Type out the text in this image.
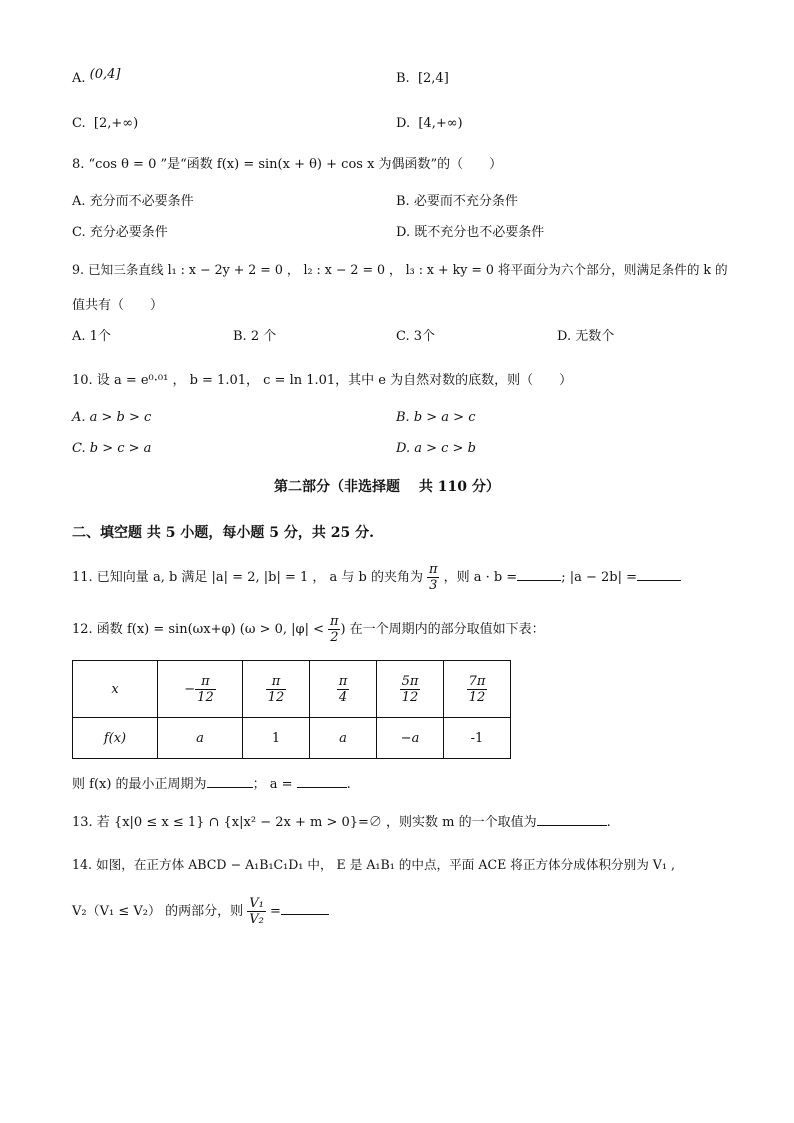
A. (0,4]	B. [2,4]
C. [2,+∞)	D. [4,+∞)
8. “cos θ = 0 ”是“函数 f(x) = sin(x + θ) + cos x 为偶函数”的（　　）
A. 充分而不必要条件	B. 必要而不充分条件
C. 充分必要条件	D. 既不充分也不必要条件
9. 已知三条直线 l₁ : x − 2y + 2 = 0 ， l₂ : x − 2 = 0 ， l₃ : x + ky = 0 将平面分为六个部分，则满足条件的 k 的
值共有（　　）
A. 1个	B. 2 个	C. 3个	D. 无数个
10. 设 a = e⁰·⁰¹ ， b = 1.01， c = ln 1.01，其中 e 为自然对数的底数，则（　　）
A. a > b > c	B. b > a > c
C. b > c > a	D. a > c > b
第二部分（非选择题　 共 110 分）
二、填空题 共 5 小题，每小题 5 分，共 25 分.
11. 已知向量 a, b 满足 |a| = 2, |b| = 1 ， a 与 b 的夹角为 $\frac{\pi}{3}$ ，则 a · b =	; |a − 2b| =
12. 函数 f(x) = sin(ωx+φ) (ω > 0, $|\varphi| < \frac{\pi}{2}$ ) 在一个周期内的部分取值如下表：
x	− $\frac{\pi}{12}$	$\frac{\pi}{12}$	$\frac{\pi}{4}$	$\frac{5\pi}{12}$	$\frac{7\pi}{12}$

f(x)	a	1	a	−a	-1
则 f(x) 的最小正周期为	； a =	.
13. 若 {x|0 ≤ x ≤ 1} ∩ {x|x² − 2x + m > 0}=∅ ，则实数 m 的一个取值为	.
14. 如图，在正方体 ABCD − A₁B₁C₁D₁ 中， E 是 A₁B₁ 的中点，平面 ACE 将正方体分成体积分别为 V₁ ,
V₂（V₁ ≤ V₂） 的两部分，则 $\frac{\text{V₁}}{\text{V₂}}$ =
